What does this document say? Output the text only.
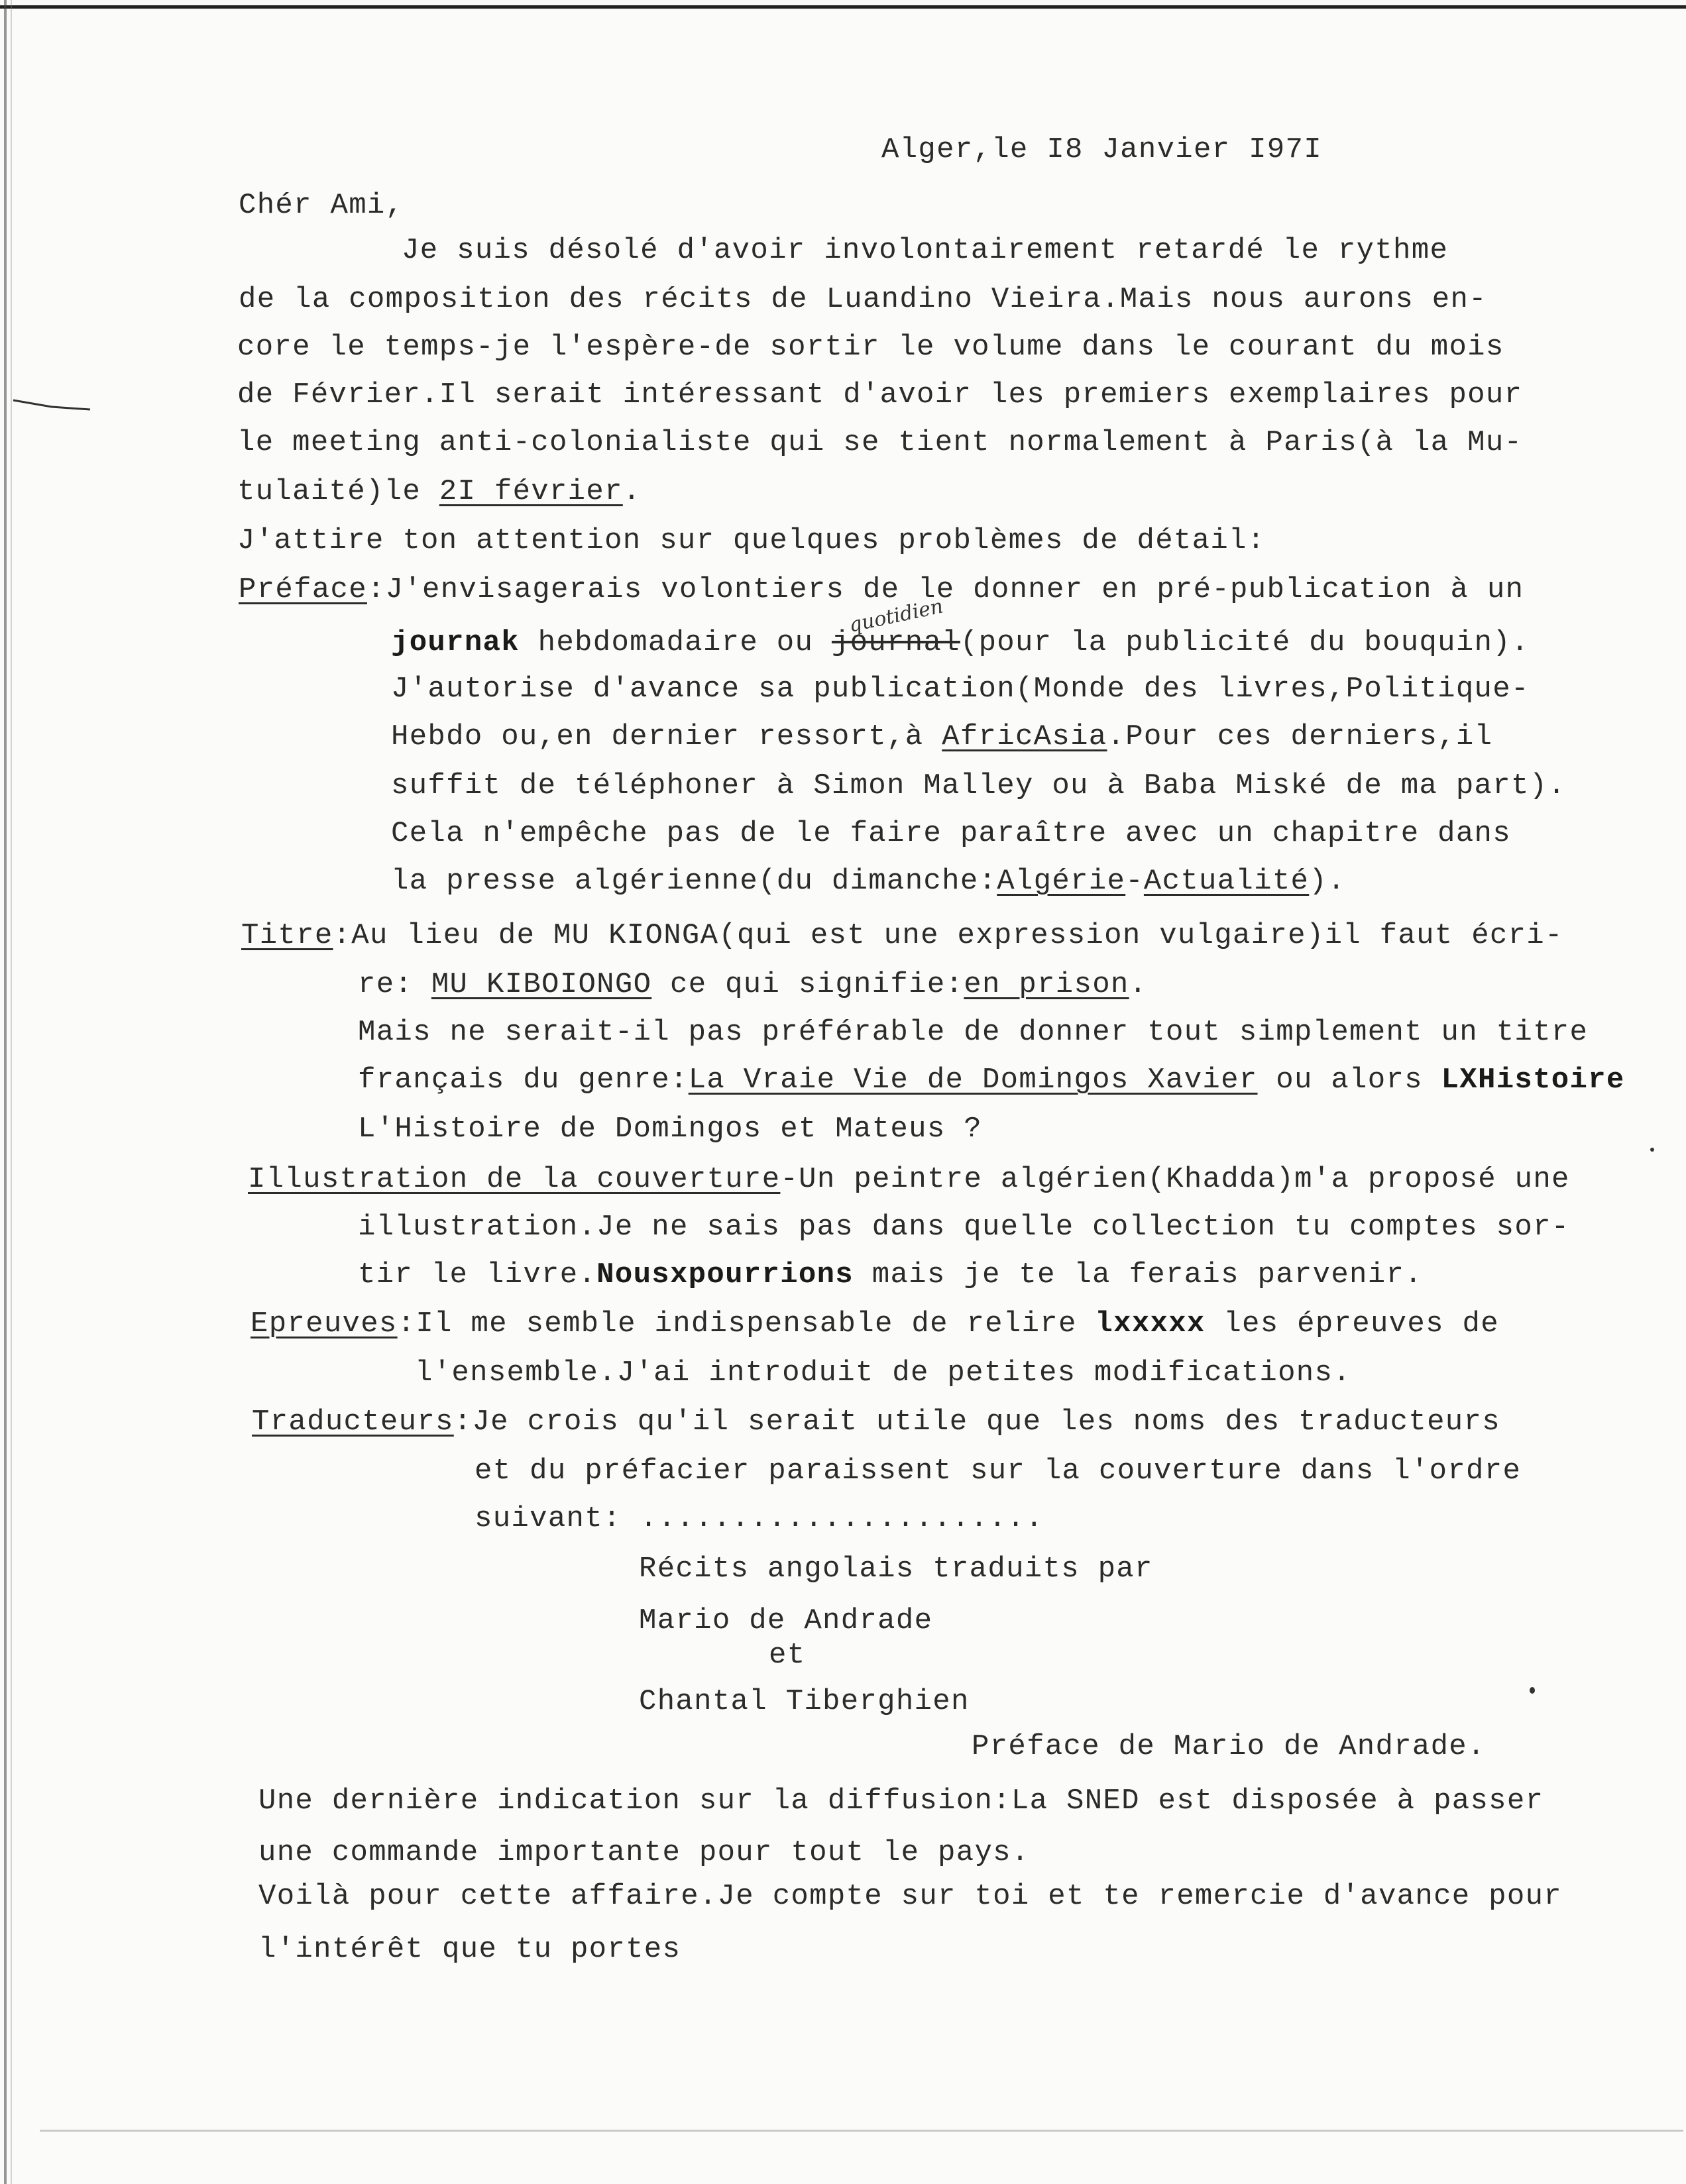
Alger,le I8 Janvier I97I
Chér Ami,
Je suis désolé d'avoir involontairement retardé le rythme
de la composition des récits de Luandino Vieira.Mais nous aurons en-
core le temps-je l'espère-de sortir le volume dans le courant du mois
de Février.Il serait intéressant d'avoir les premiers exemplaires pour
le meeting anti-colonialiste qui se tient normalement à Paris(à la Mu-
tulaité)le 2I février.
J'attire ton attention sur quelques problèmes de détail:
Préface:J'envisagerais volontiers de le donner en pré-publication à un
quotidien
journak hebdomadaire ou journal(pour la publicité du bouquin).
J'autorise d'avance sa publication(Monde des livres,Politique-
Hebdo ou,en dernier ressort,à AfricAsia.Pour ces derniers,il
suffit de téléphoner à Simon Malley ou à Baba Miské de ma part).
Cela n'empêche pas de le faire paraître avec un chapitre dans
la presse algérienne(du dimanche:Algérie-Actualité).
Titre:Au lieu de MU KIONGA(qui est une expression vulgaire)il faut écri-
re: MU KIBOIONGO ce qui signifie:en prison.
Mais ne serait-il pas préférable de donner tout simplement un titre
français du genre:La Vraie Vie de Domingos Xavier ou alors LXHistoire
L'Histoire de Domingos et Mateus ?
Illustration de la couverture-Un peintre algérien(Khadda)m'a proposé une
illustration.Je ne sais pas dans quelle collection tu comptes sor-
tir le livre.Nousxpourrions mais je te la ferais parvenir.
Epreuves:Il me semble indispensable de relire lxxxxx les épreuves de
l'ensemble.J'ai introduit de petites modifications.
Traducteurs:Je crois qu'il serait utile que les noms des traducteurs
et du préfacier paraissent sur la couverture dans l'ordre
suivant: ......................
Récits angolais traduits par
Mario de Andrade
et
Chantal Tiberghien
Préface de Mario de Andrade.
Une dernière indication sur la diffusion:La SNED est disposée à passer
une commande importante pour tout le pays.
Voilà pour cette affaire.Je compte sur toi et te remercie d'avance pour
l'intérêt que tu portes
